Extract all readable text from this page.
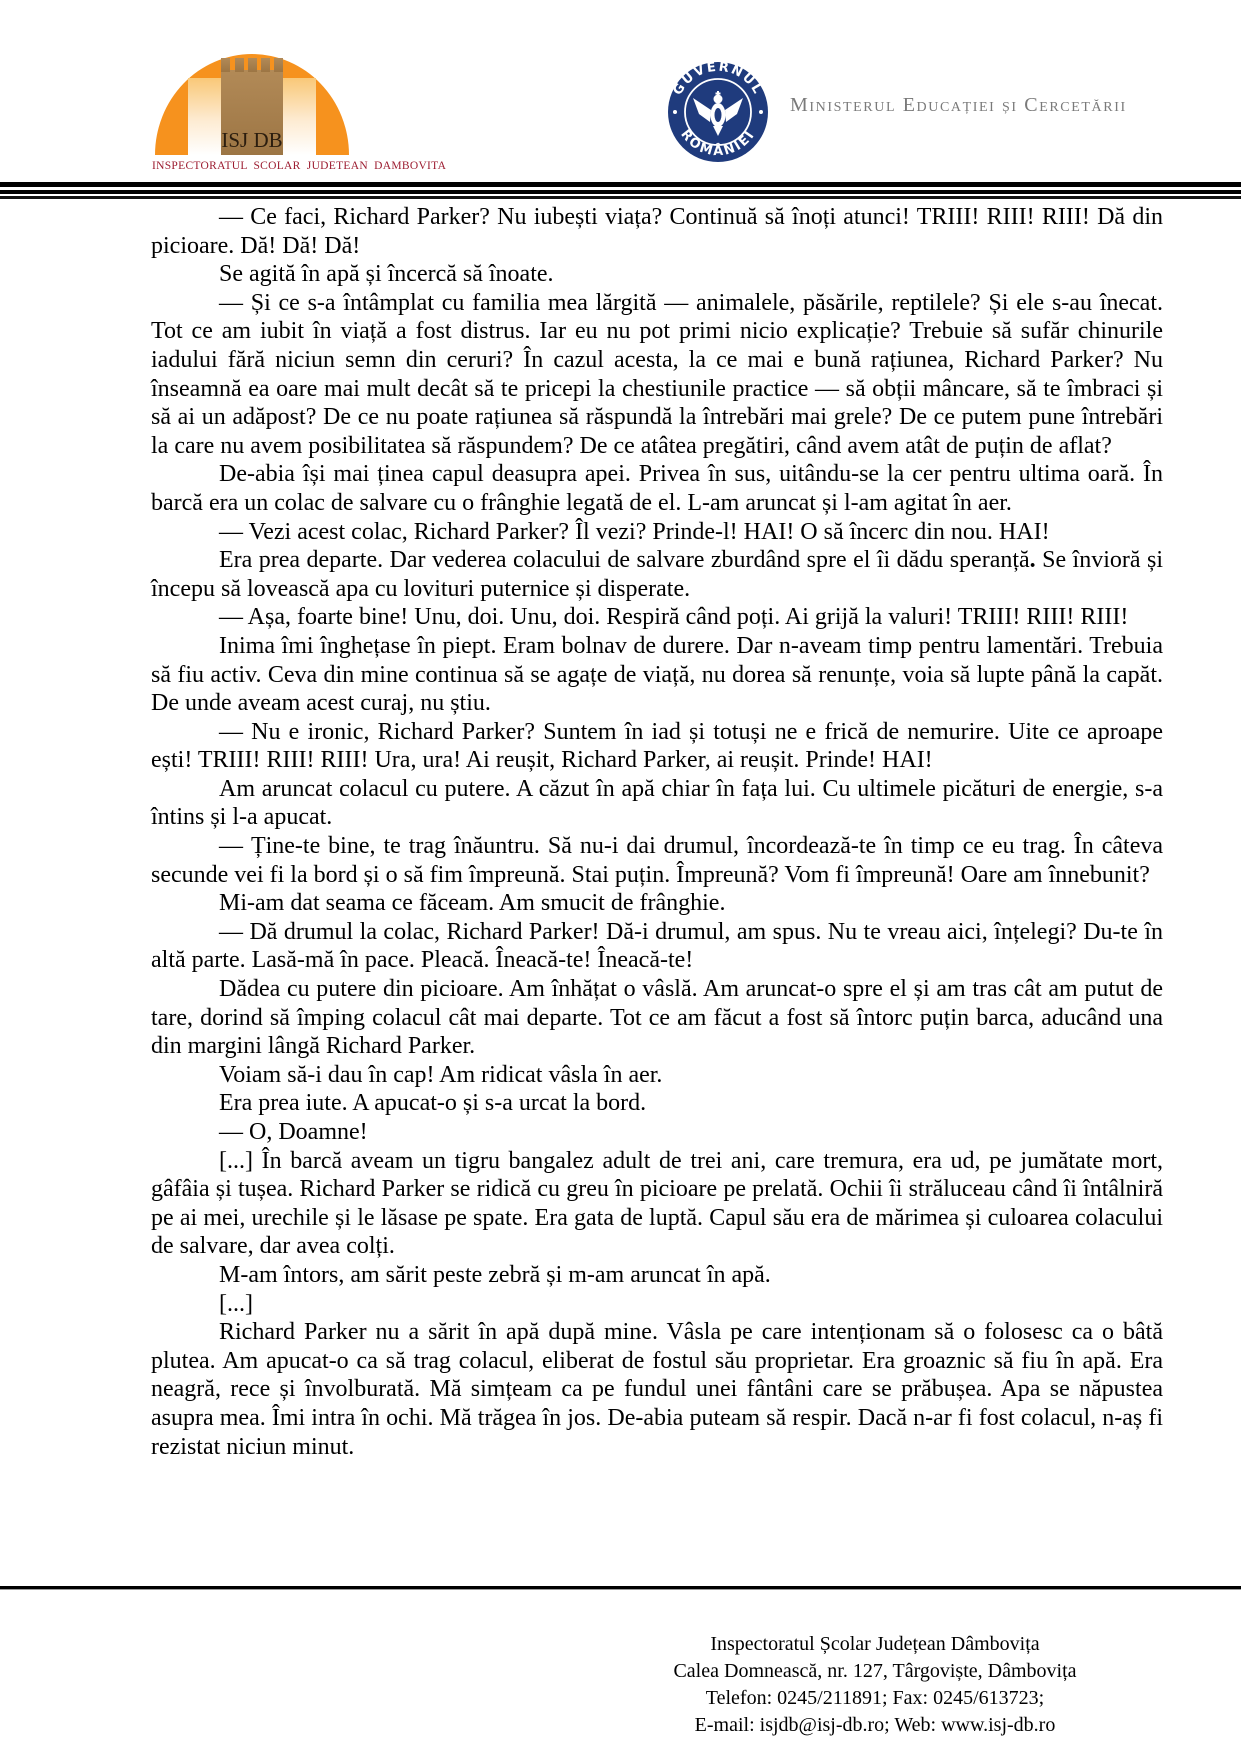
ISJ DB
INSPECTORATUL SCOLAR JUDETEAN DAMBOVITA
GUVERNUL
ROMÂNIEI
Ministerul Educației și Cercetării

— Ce faci, Richard Parker? Nu iubești viața? Continuă să înoți atunci! TRIII! RIII! RIII! Dă din picioare. Dă! Dă! Dă!

Se agită în apă și încercă să înoate.

— Și ce s-a întâmplat cu familia mea lărgită — animalele, păsările, reptilele? Și ele s-au înecat. Tot ce am iubit în viață a fost distrus. Iar eu nu pot primi nicio explicație? Trebuie să sufăr chinurile iadului fără niciun semn din ceruri? În cazul acesta, la ce mai e bună rațiunea, Richard Parker? Nu înseamnă ea oare mai mult decât să te pricepi la chestiunile practice — să obții mâncare, să te îmbraci și să ai un adăpost? De ce nu poate rațiunea să răspundă la întrebări mai grele? De ce putem pune întrebări la care nu avem posibilitatea să răspundem? De ce atâtea pregătiri, când avem atât de puțin de aflat?

De-abia își mai ținea capul deasupra apei. Privea în sus, uitându-se la cer pentru ultima oară. În barcă era un colac de salvare cu o frânghie legată de el. L-am aruncat și l-am agitat în aer.

— Vezi acest colac, Richard Parker? Îl vezi? Prinde-l! HAI! O să încerc din nou. HAI!

Era prea departe. Dar vederea colacului de salvare zburdând spre el îi dădu speranță. Se învioră și începu să lovească apa cu lovituri puternice și disperate.

— Așa, foarte bine! Unu, doi. Unu, doi. Respiră când poți. Ai grijă la valuri! TRIII! RIII! RIII!

Inima îmi înghețase în piept. Eram bolnav de durere. Dar n-aveam timp pentru lamentări. Trebuia să fiu activ. Ceva din mine continua să se agațe de viață, nu dorea să renunțe, voia să lupte până la capăt. De unde aveam acest curaj, nu știu.

— Nu e ironic, Richard Parker? Suntem în iad și totuși ne e frică de nemurire. Uite ce aproape ești! TRIII! RIII! RIII! Ura, ura! Ai reușit, Richard Parker, ai reușit. Prinde! HAI!

Am aruncat colacul cu putere. A căzut în apă chiar în fața lui. Cu ultimele picături de energie, s-a întins și l-a apucat.

— Ține-te bine, te trag înăuntru. Să nu-i dai drumul, încordează-te în timp ce eu trag. În câteva secunde vei fi la bord și o să fim împreună. Stai puțin. Împreună? Vom fi împreună! Oare am înnebunit?

Mi-am dat seama ce făceam. Am smucit de frânghie.

— Dă drumul la colac, Richard Parker! Dă-i drumul, am spus. Nu te vreau aici, înțelegi? Du-te în altă parte. Lasă-mă în pace. Pleacă. Îneacă-te! Îneacă-te!

Dădea cu putere din picioare. Am înhățat o vâslă. Am aruncat-o spre el și am tras cât am putut de tare, dorind să împing colacul cât mai departe. Tot ce am făcut a fost să întorc puțin barca, aducând una din margini lângă Richard Parker.

Voiam să-i dau în cap! Am ridicat vâsla în aer.

Era prea iute. A apucat-o și s-a urcat la bord.

— O, Doamne!

[...] În barcă aveam un tigru bangalez adult de trei ani, care tremura, era ud, pe jumătate mort, gâfâia și tușea. Richard Parker se ridică cu greu în picioare pe prelată. Ochii îi străluceau când îi întâlniră pe ai mei, urechile și le lăsase pe spate. Era gata de luptă. Capul său era de mărimea și culoarea colacului de salvare, dar avea colți.

M-am întors, am sărit peste zebră și m-am aruncat în apă.

[...]

Richard Parker nu a sărit în apă după mine. Vâsla pe care intenționam să o folosesc ca o bâtă plutea. Am apucat-o ca să trag colacul, eliberat de fostul său proprietar. Era groaznic să fiu în apă. Era neagră, rece și învolburată. Mă simțeam ca pe fundul unei fântâni care se prăbușea. Apa se năpustea asupra mea. Îmi intra în ochi. Mă trăgea în jos. De-abia puteam să respir. Dacă n-ar fi fost colacul, n-aș fi rezistat niciun minut.

Inspectoratul Școlar Județean Dâmbovița
Calea Domnească, nr. 127, Târgoviște, Dâmbovița
Telefon: 0245/211891; Fax: 0245/613723;
E-mail: isjdb@isj-db.ro; Web: www.isj-db.ro
